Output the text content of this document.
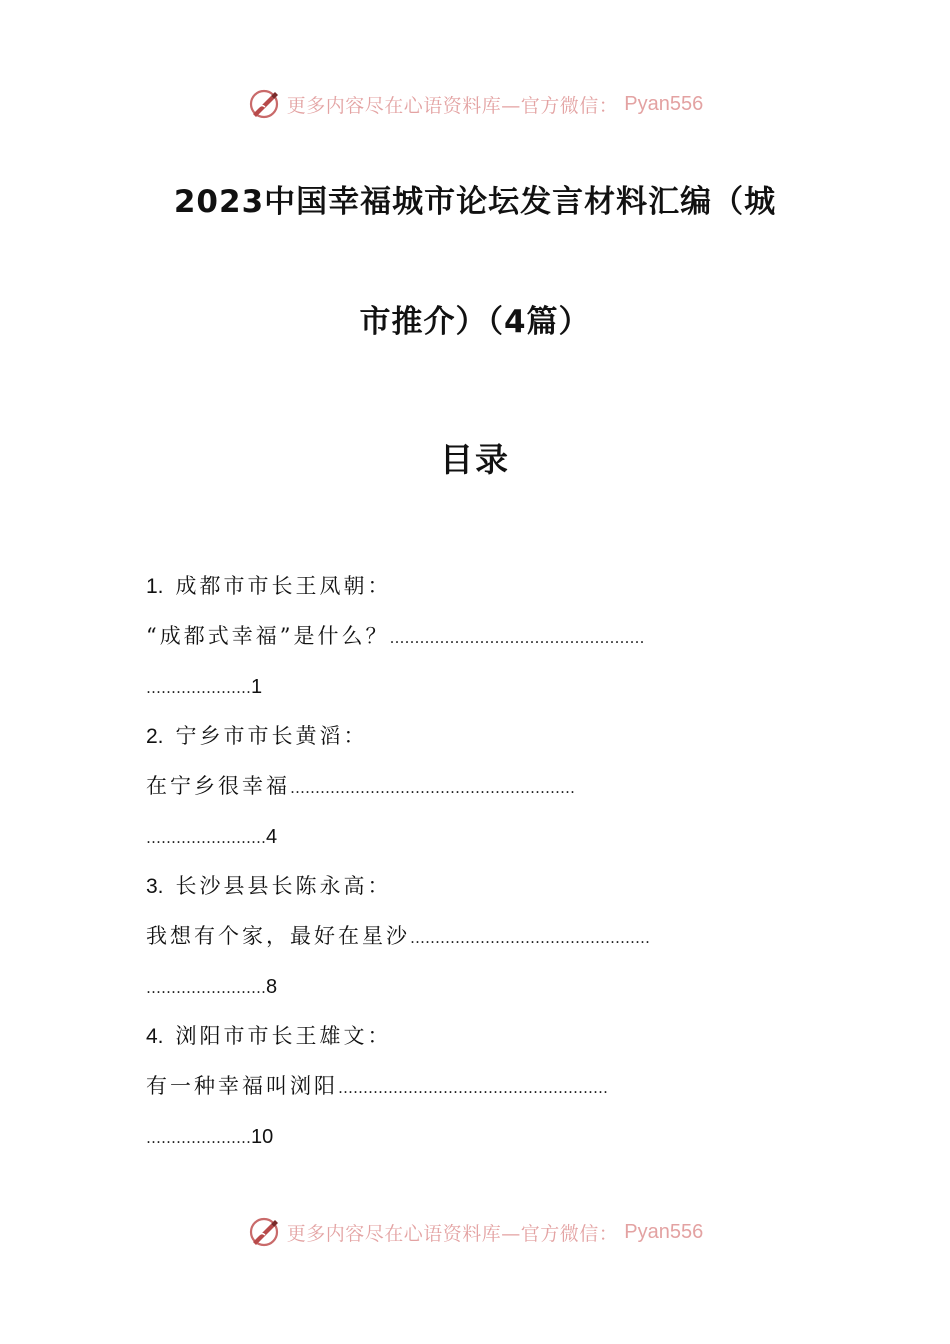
更多内容尽在心语资料库—官方微信： Pyan556
2023中国幸福城市论坛发言材料汇编（城
市推介）（4篇）
目录
1. 成都市市长王凤朝：
“成都式幸福”是什么？……………………………………………
…………………1
2. 宁乡市市长黄滔：
在宁乡很幸福…………………………………………………
……………………4
3. 长沙县县长陈永高：
我想有个家，最好在星沙…………………………………………
……………………8
4. 浏阳市市长王雄文：
有一种幸福叫浏阳………………………………………………
…………………10
更多内容尽在心语资料库—官方微信： Pyan556
